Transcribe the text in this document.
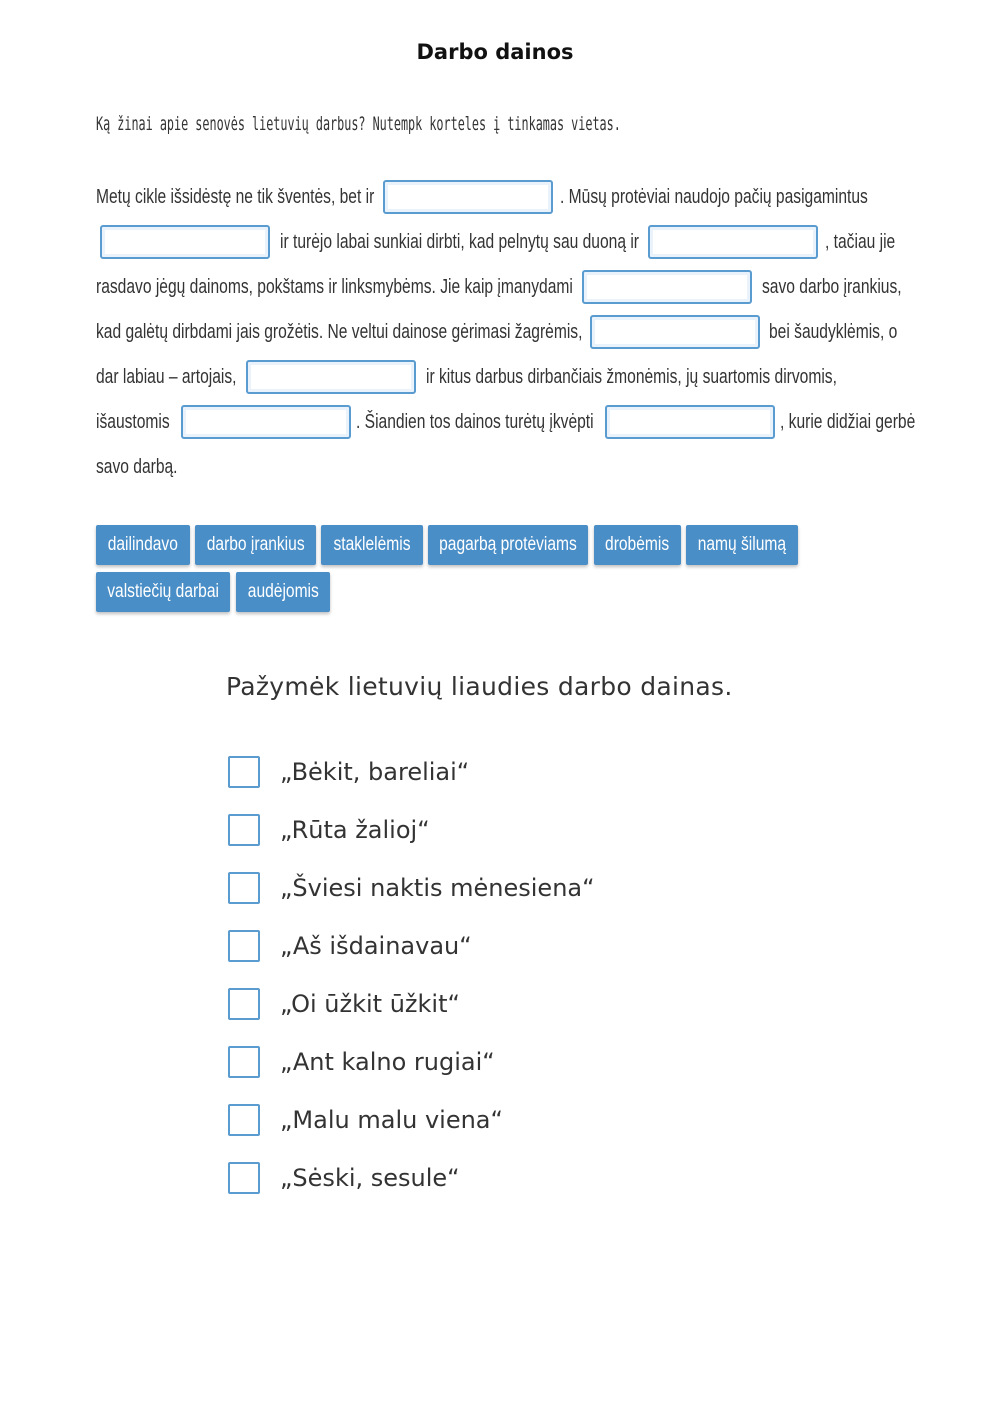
Darbo dainos
Ką žinai apie senovės lietuvių darbus? Nutempk korteles į tinkamas vietas.
Metų cikle išsidėstę ne tik šventės, bet ir	. Mūsų protėviai naudojo pačių pasigamintus
ir turėjo labai sunkiai dirbti, kad pelnytų sau duoną ir	, tačiau jie
rasdavo jėgų dainoms, pokštams ir linksmybėms. Jie kaip įmanydami	savo darbo įrankius,
kad galėtų dirbdami jais grožėtis. Ne veltui dainose gėrimasi žagrėmis,	bei šaudyklėmis, o
dar labiau – artojais,	ir kitus darbus dirbančiais žmonėmis, jų suartomis dirvomis,
išaustomis	. Šiandien tos dainos turėtų įkvėpti	, kurie didžiai gerbė
savo darbą.
dailindavo darbo įrankius staklelėmis pagarbą protėviams drobėmis namų šilumą
valstiečių darbai audėjomis
Pažymėk lietuvių liaudies darbo dainas.
„Bėkit, bareliai“
„Rūta žalioj“
„Šviesi naktis mėnesiena“
„Aš išdainavau“
„Oi ūžkit ūžkit“
„Ant kalno rugiai“
„Malu malu viena“
„Sėski, sesule“
